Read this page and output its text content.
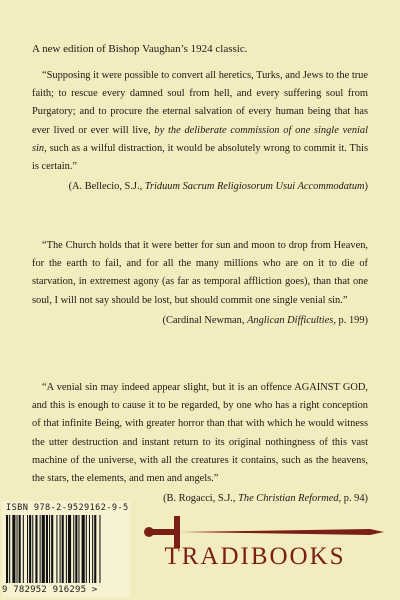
A new edition of Bishop Vaughan’s 1924 classic.

“Supposing it were possible to convert all heretics, Turks, and Jews to the true faith; to rescue every damned soul from hell, and every suffering soul from Purgatory; and to procure the eternal salvation of every human being that has ever lived or ever will live, by the deliberate commission of one single venial sin, such as a wilful distraction, it would be absolutely wrong to commit it. This is certain.”

(A. Bellecio, S.J., Triduum Sacrum Religiosorum Usui Accommodatum)

“The Church holds that it were better for sun and moon to drop from Heaven, for the earth to fail, and for all the many millions who are on it to die of starvation, in extremest agony (as far as temporal affliction goes), than that one soul, I will not say should be lost, but should commit one single venial sin.”

(Cardinal Newman, Anglican Difficulties, p. 199)

“A venial sin may indeed appear slight, but it is an offence AGAINST GOD, and this is enough to cause it to be regarded, by one who has a right conception of that infinite Being, with greater horror than that with which he would witness the utter destruction and instant return to its original nothingness of this vast machine of the universe, with all the creatures it contains, such as the heavens, the stars, the elements, and men and angels.”

(B. Rogacci, S.J., The Christian Reformed, p. 94)

ISBN 978-2-9529162-9-5
9 782952 916295 >
TRADIBOOKS
